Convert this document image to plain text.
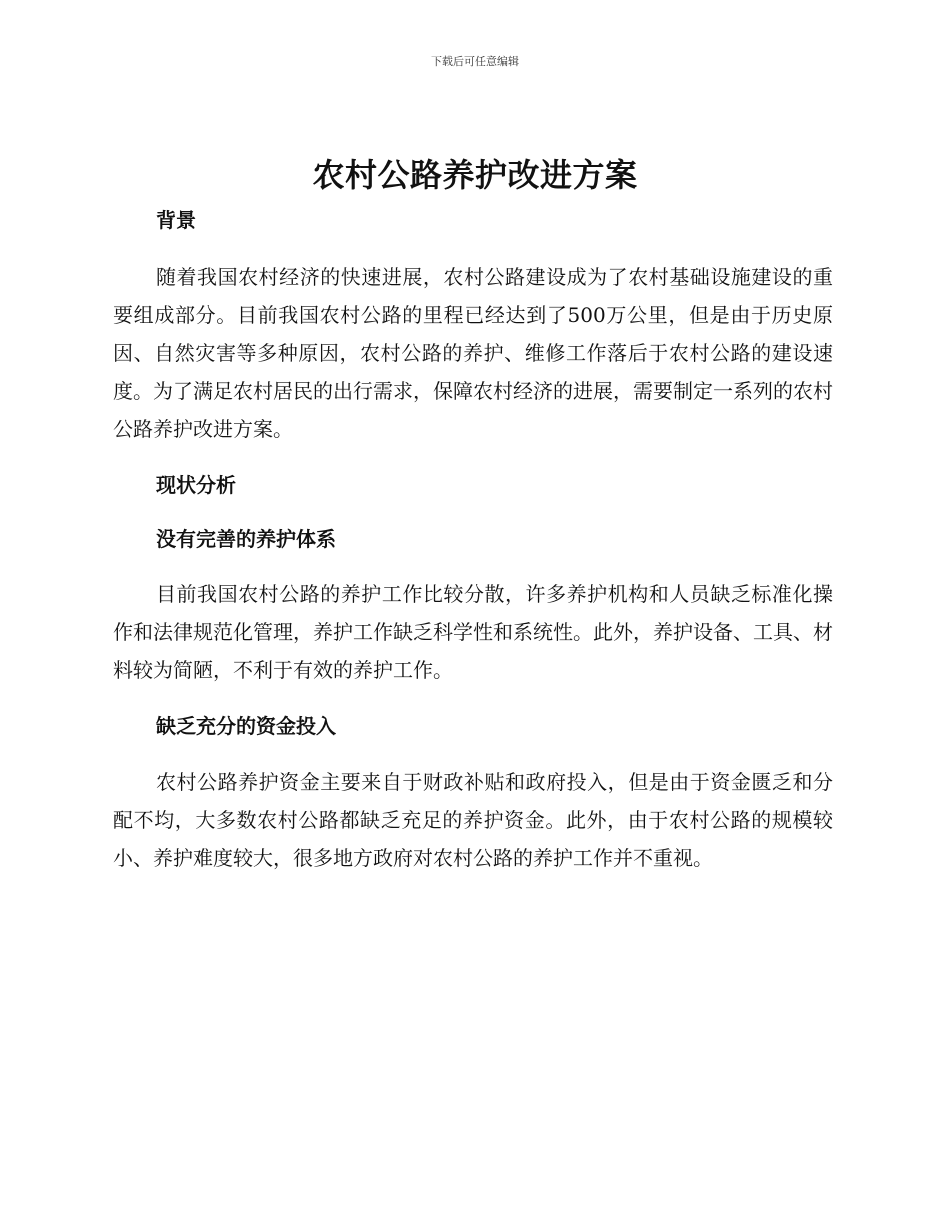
下载后可任意编辑
农村公路养护改进方案
背景

随着我国农村经济的快速进展，农村公路建设成为了农村基础设施建设的重要组成部分。目前我国农村公路的里程已经达到了500万公里，但是由于历史原因、自然灾害等多种原因，农村公路的养护、维修工作落后于农村公路的建设速度。为了满足农村居民的出行需求，保障农村经济的进展，需要制定一系列的农村公路养护改进方案。

现状分析
没有完善的养护体系

目前我国农村公路的养护工作比较分散，许多养护机构和人员缺乏标准化操作和法律规范化管理，养护工作缺乏科学性和系统性。此外，养护设备、工具、材料较为简陋，不利于有效的养护工作。

缺乏充分的资金投入

农村公路养护资金主要来自于财政补贴和政府投入，但是由于资金匮乏和分配不均，大多数农村公路都缺乏充足的养护资金。此外，由于农村公路的规模较小、养护难度较大，很多地方政府对农村公路的养护工作并不重视。
